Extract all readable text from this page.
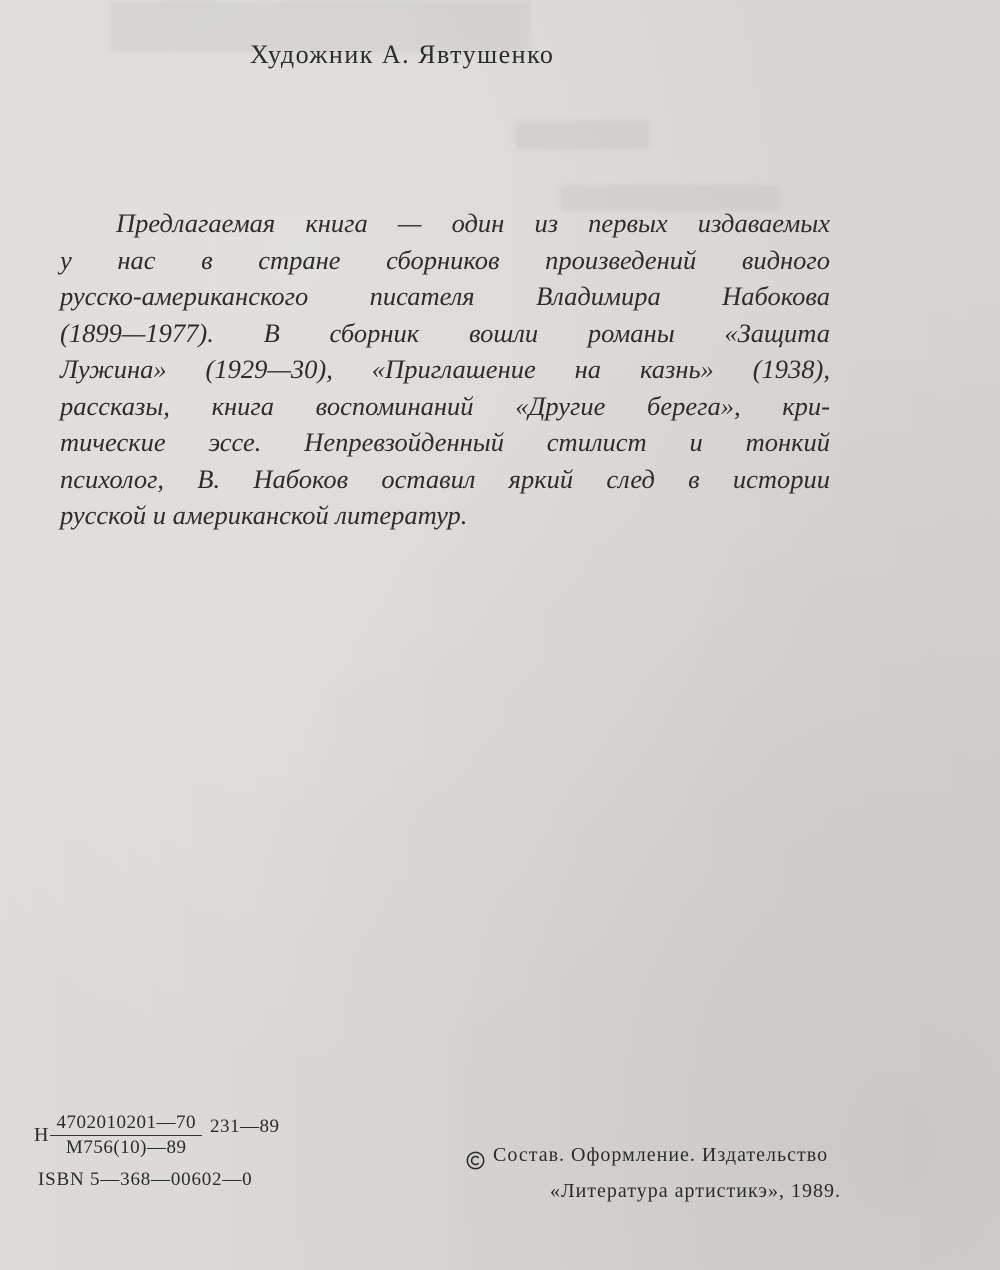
Художник А. Явтушенко
Предлагаемая книга — один из первых издаваемых
у нас в стране сборников произведений видного
русско-американского писателя Владимира Набокова
(1899—1977). В сборник вошли романы «Защита
Лужина» (1929—30), «Приглашение на казнь» (1938),
рассказы, книга воспоминаний «Другие берега», кри-
тические эссе. Непревзойденный стилист и тонкий
психолог, В. Набоков оставил яркий след в истории
русской и американской литератур.
Н $\frac{4702010201—70}{М756(10)—89}$ 231—89
ISBN 5—368—00602—0
Состав. Оформление. Издательство
«Литература артистикэ», 1989.
